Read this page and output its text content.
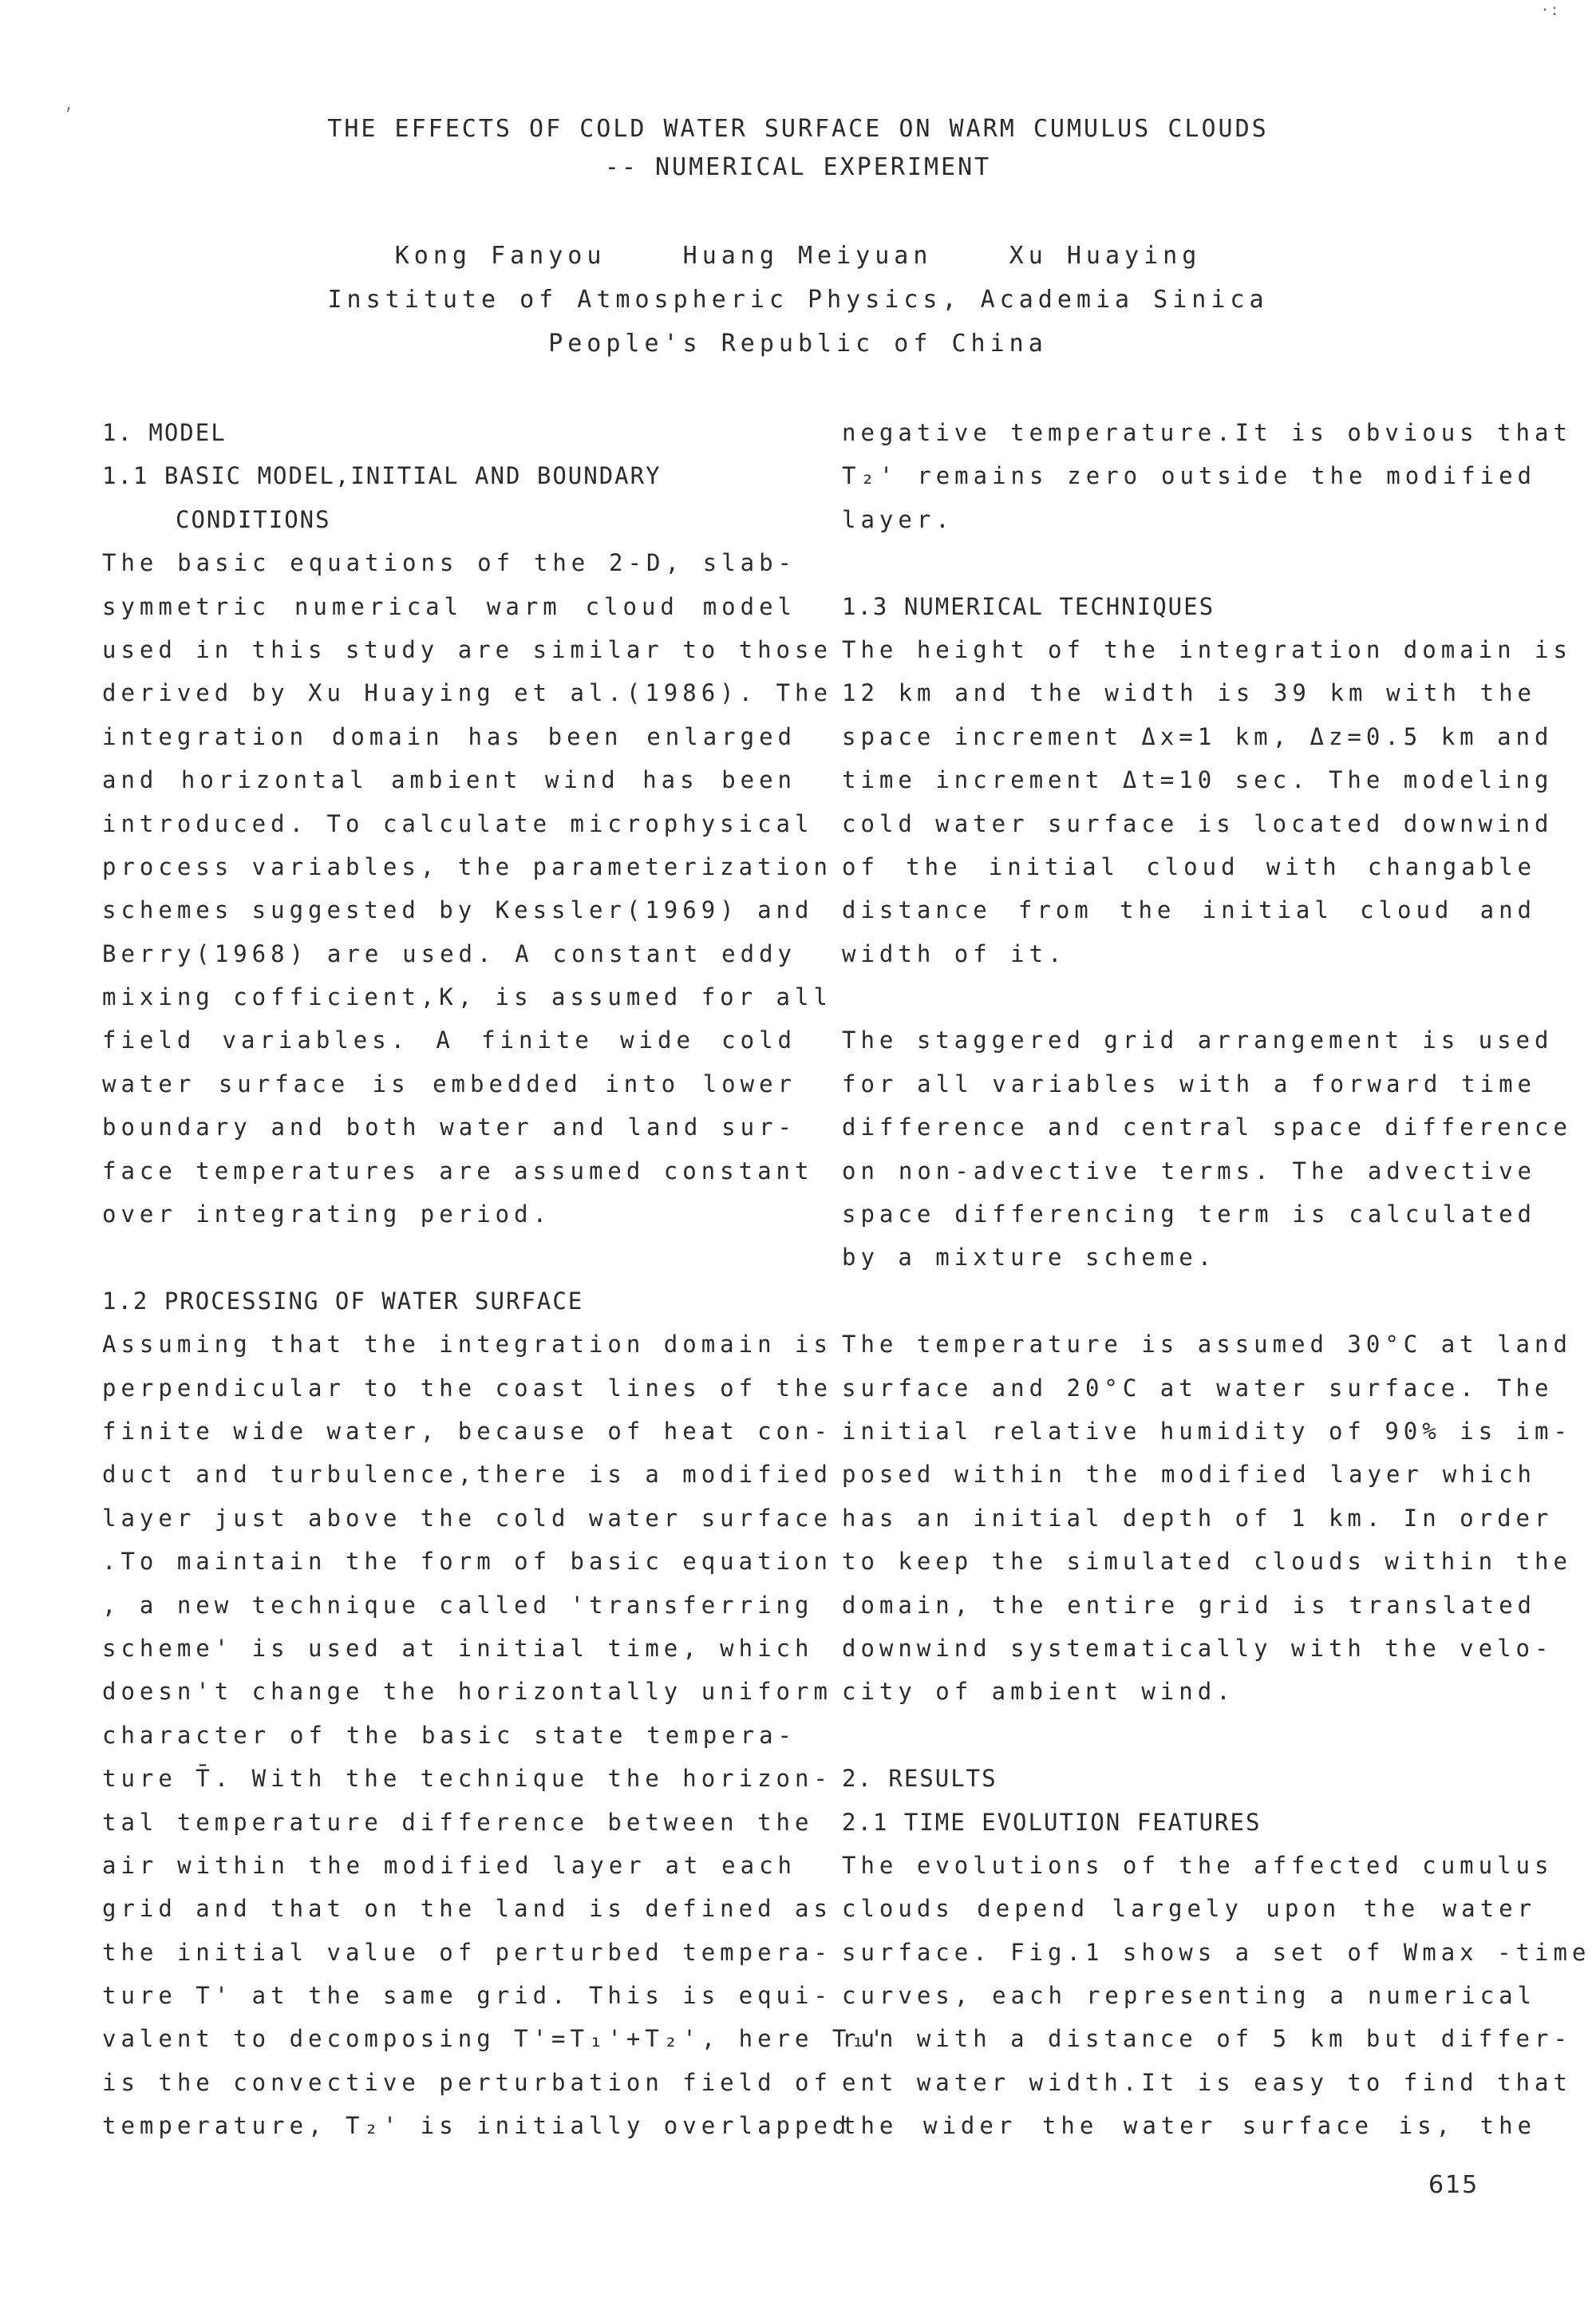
,
·:
THE EFFECTS OF COLD WATER SURFACE ON WARM CUMULUS CLOUDS
-- NUMERICAL EXPERIMENT
Kong Fanyou    Huang Meiyuan    Xu Huaying
Institute of Atmospheric Physics, Academia Sinica
People's Republic of China
1. MODEL
1.1 BASIC MODEL,INITIAL AND BOUNDARY
CONDITIONS
The basic equations of the 2-D, slab-
symmetric numerical warm cloud model
used in this study are similar to those
derived by Xu Huaying et al.(1986). The
integration domain has been enlarged
and horizontal ambient wind has been
introduced. To calculate microphysical
process variables, the parameterization
schemes suggested by Kessler(1969) and
Berry(1968) are used. A constant eddy
mixing cofficient,K, is assumed for all
field variables. A finite wide cold
water surface is embedded into lower
boundary and both water and land sur-
face temperatures are assumed constant
over integrating period.
1.2 PROCESSING OF WATER SURFACE
Assuming that the integration domain is
perpendicular to the coast lines of the
finite wide water, because of heat con-
duct and turbulence,there is a modified
layer just above the cold water surface
.To maintain the form of basic equation
, a new technique called 'transferring
scheme' is used at initial time, which
doesn't change the horizontally uniform
character of the basic state tempera-
ture T̄. With the technique the horizon-
tal temperature difference between the
air within the modified layer at each
grid and that on the land is defined as
the initial value of perturbed tempera-
ture T' at the same grid. This is equi-
valent to decomposing T'=T₁'+T₂', here T₁'
is the convective perturbation field of
temperature, T₂' is initially overlapped
negative temperature.It is obvious that
T₂' remains zero outside the modified
layer.
1.3 NUMERICAL TECHNIQUES
The height of the integration domain is
12 km and the width is 39 km with the
space increment Δx=1 km, Δz=0.5 km and
time increment Δt=10 sec. The modeling
cold water surface is located downwind
of the initial cloud with changable
distance from the initial cloud and
width of it.
The staggered grid arrangement is used
for all variables with a forward time
difference and central space difference
on non-advective terms. The advective
space differencing term is calculated
by a mixture scheme.
The temperature is assumed 30°C at land
surface and 20°C at water surface. The
initial relative humidity of 90% is im-
posed within the modified layer which
has an initial depth of 1 km. In order
to keep the simulated clouds within the
domain, the entire grid is translated
downwind systematically with the velo-
city of ambient wind.
2. RESULTS
2.1 TIME EVOLUTION FEATURES
The evolutions of the affected cumulus
clouds depend largely upon the water
surface. Fig.1 shows a set of Wmax -time
curves, each representing a numerical
run with a distance of 5 km but differ-
ent water width.It is easy to find that
the wider the water surface is, the
615
